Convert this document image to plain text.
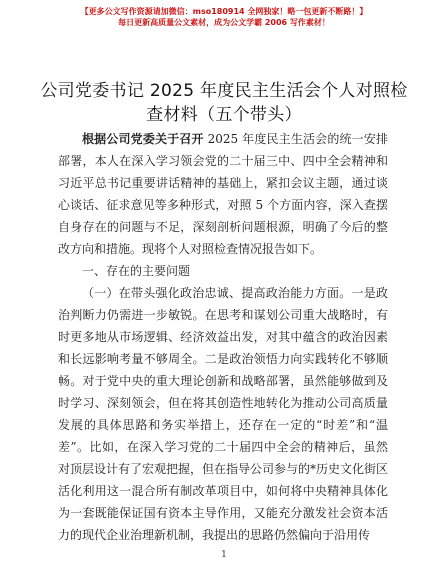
【更多公文写作资源请加微信：mso180914 全网独家！略一包更新不断路！】
每日更新高质量公文素材，成为公文学霸 2006 写作素材！
公司党委书记 2025 年度民主生活会个人对照检查材料（五个带头）

根据公司党委关于召开 2025 年度民主生活会的统一安排部署，本人在深入学习领会党的二十届三中、四中全会精神和习近平总书记重要讲话精神的基础上，紧扣会议主题，通过谈心谈话、征求意见等多种形式，对照 5 个方面内容，深入查摆自身存在的问题与不足，深刻剖析问题根源，明确了今后的整改方向和措施。现将个人对照检查情况报告如下。

一、存在的主要问题

（一）在带头强化政治忠诚、提高政治能力方面。一是政治判断力仍需进一步敏锐。在思考和谋划公司重大战略时，有时更多地从市场逻辑、经济效益出发，对其中蕴含的政治因素和长远影响考量不够周全。二是政治领悟力向实践转化不够顺畅。对于党中央的重大理论创新和战略部署，虽然能够做到及时学习、深刻领会，但在将其创造性地转化为推动公司高质量发展的具体思路和务实举措上，还存在一定的“时差”和“温差”。比如，在深入学习党的二十届四中全会的精神后，虽然对顶层设计有了宏观把握，但在指导公司参与的*历史文化街区活化利用这一混合所有制改革项目中，如何将中央精神具体化为一套既能保证国有资本主导作用，又能充分激发社会资本活力的现代企业治理新机制，我提出的思路仍然偏向于沿用传

1
